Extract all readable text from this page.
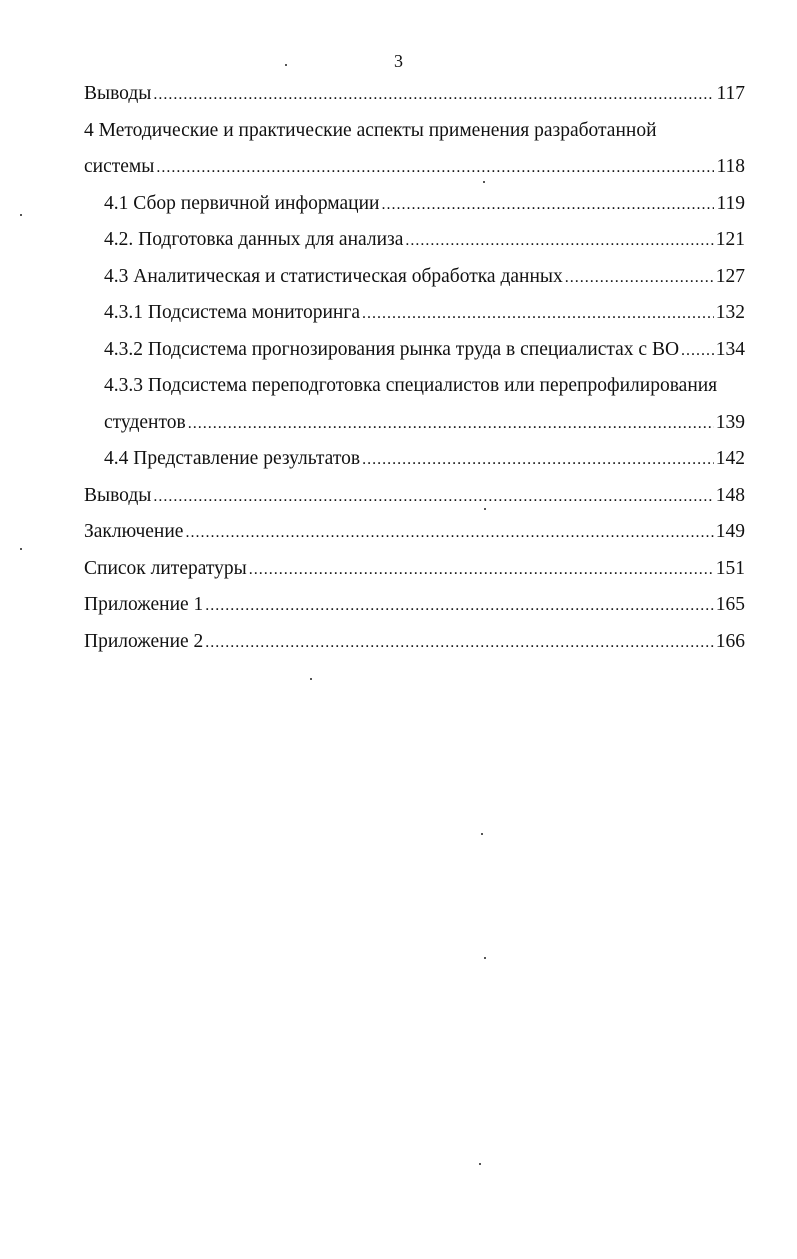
3
Выводы .....	117
4 Методические и практические аспекты применения разработанной
системы .....	118
4.1 Сбор первичной информации .....	119
4.2. Подготовка данных для анализа .....	121
4.3 Аналитическая и статистическая обработка данных .....	127
4.3.1 Подсистема мониторинга .....	132
4.3.2 Подсистема прогнозирования рынка труда в специалистах с ВО ..... 134
4.3.3 Подсистема переподготовка специалистов или перепрофилирования
студентов .....	139
4.4 Представление результатов .....	142
Выводы .....	148
Заключение .....	149
Список литературы .....	151
Приложение 1 .....	165
Приложение 2 .....	166
